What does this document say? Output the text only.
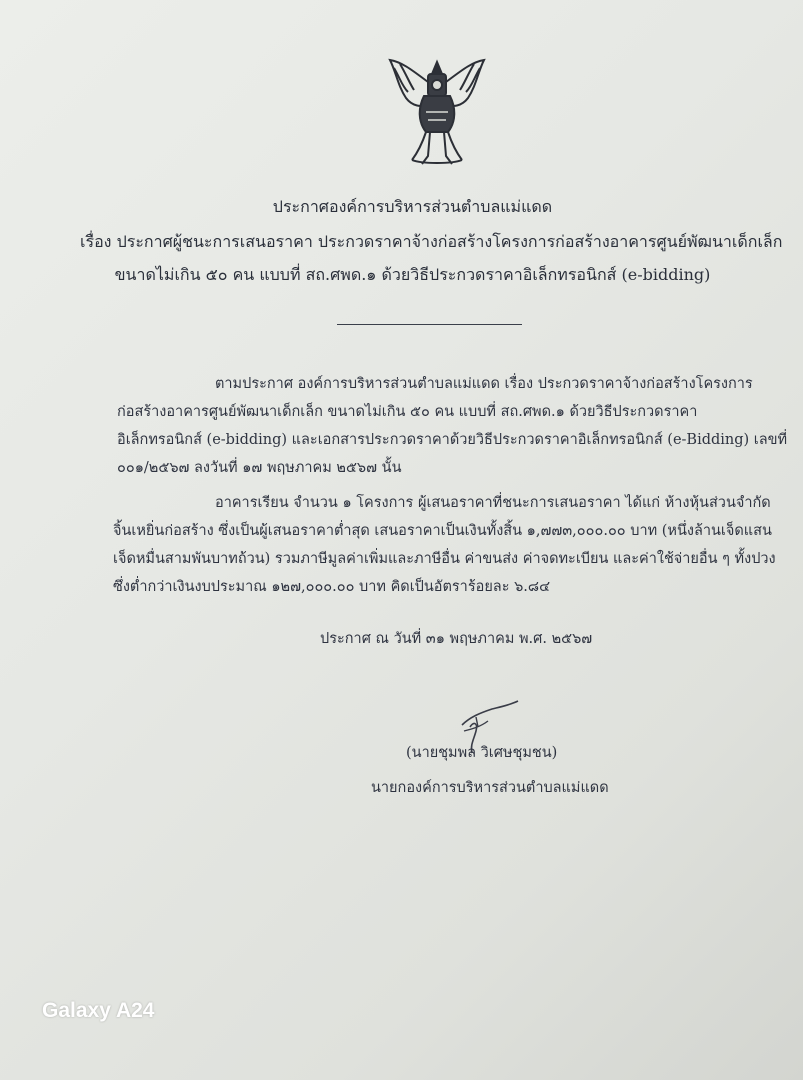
ประกาศองค์การบริหารส่วนตำบลแม่แดด
เรื่อง ประกาศผู้ชนะการเสนอราคา ประกวดราคาจ้างก่อสร้างโครงการก่อสร้างอาคารศูนย์พัฒนาเด็กเล็ก
ขนาดไม่เกิน ๕๐ คน แบบที่ สถ.ศพด.๑ ด้วยวิธีประกวดราคาอิเล็กทรอนิกส์ (e-bidding)
ตามประกาศ องค์การบริหารส่วนตำบลแม่แดด เรื่อง ประกวดราคาจ้างก่อสร้างโครงการ
ก่อสร้างอาคารศูนย์พัฒนาเด็กเล็ก ขนาดไม่เกิน ๕๐ คน แบบที่ สถ.ศพด.๑ ด้วยวิธีประกวดราคา
อิเล็กทรอนิกส์ (e-bidding) และเอกสารประกวดราคาด้วยวิธีประกวดราคาอิเล็กทรอนิกส์ (e-Bidding) เลขที่
๐๐๑/๒๕๖๗ ลงวันที่ ๑๗ พฤษภาคม ๒๕๖๗ นั้น
อาคารเรียน จำนวน ๑ โครงการ ผู้เสนอราคาที่ชนะการเสนอราคา ได้แก่ ห้างหุ้นส่วนจำกัด
จิ้นเหยิ่นก่อสร้าง ซึ่งเป็นผู้เสนอราคาต่ำสุด เสนอราคาเป็นเงินทั้งสิ้น ๑,๗๗๓,๐๐๐.๐๐ บาท (หนึ่งล้านเจ็ดแสน
เจ็ดหมื่นสามพันบาทถ้วน) รวมภาษีมูลค่าเพิ่มและภาษีอื่น ค่าขนส่ง ค่าจดทะเบียน และค่าใช้จ่ายอื่น ๆ ทั้งปวง
ซึ่งต่ำกว่าเงินงบประมาณ ๑๒๗,๐๐๐.๐๐ บาท คิดเป็นอัตราร้อยละ ๖.๘๔
ประกาศ ณ วันที่ ๓๑ พฤษภาคม พ.ศ. ๒๕๖๗
(นายชุมพล วิเศษชุมชน)
นายกองค์การบริหารส่วนตำบลแม่แดด
Galaxy A24
